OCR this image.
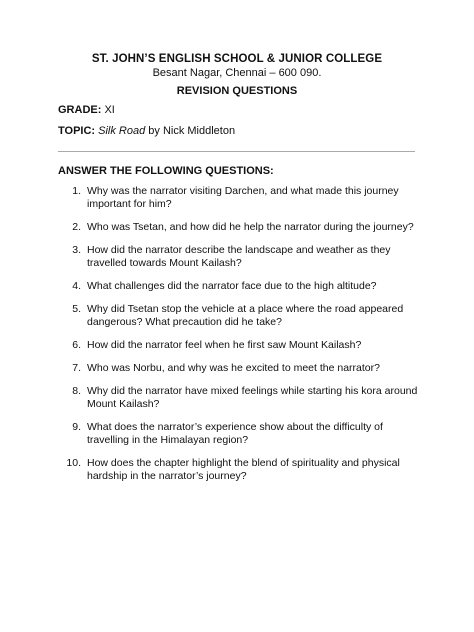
ST. JOHN’S ENGLISH SCHOOL & JUNIOR COLLEGE
Besant Nagar, Chennai – 600 090.
REVISION QUESTIONS
GRADE: XI
TOPIC: Silk Road by Nick Middleton
ANSWER THE FOLLOWING QUESTIONS:
1. Why was the narrator visiting Darchen, and what made this journey important for him?
2. Who was Tsetan, and how did he help the narrator during the journey?
3. How did the narrator describe the landscape and weather as they travelled towards Mount Kailash?
4. What challenges did the narrator face due to the high altitude?
5. Why did Tsetan stop the vehicle at a place where the road appeared dangerous? What precaution did he take?
6. How did the narrator feel when he first saw Mount Kailash?
7. Who was Norbu, and why was he excited to meet the narrator?
8. Why did the narrator have mixed feelings while starting his kora around Mount Kailash?
9. What does the narrator’s experience show about the difficulty of travelling in the Himalayan region?
10. How does the chapter highlight the blend of spirituality and physical hardship in the narrator’s journey?
